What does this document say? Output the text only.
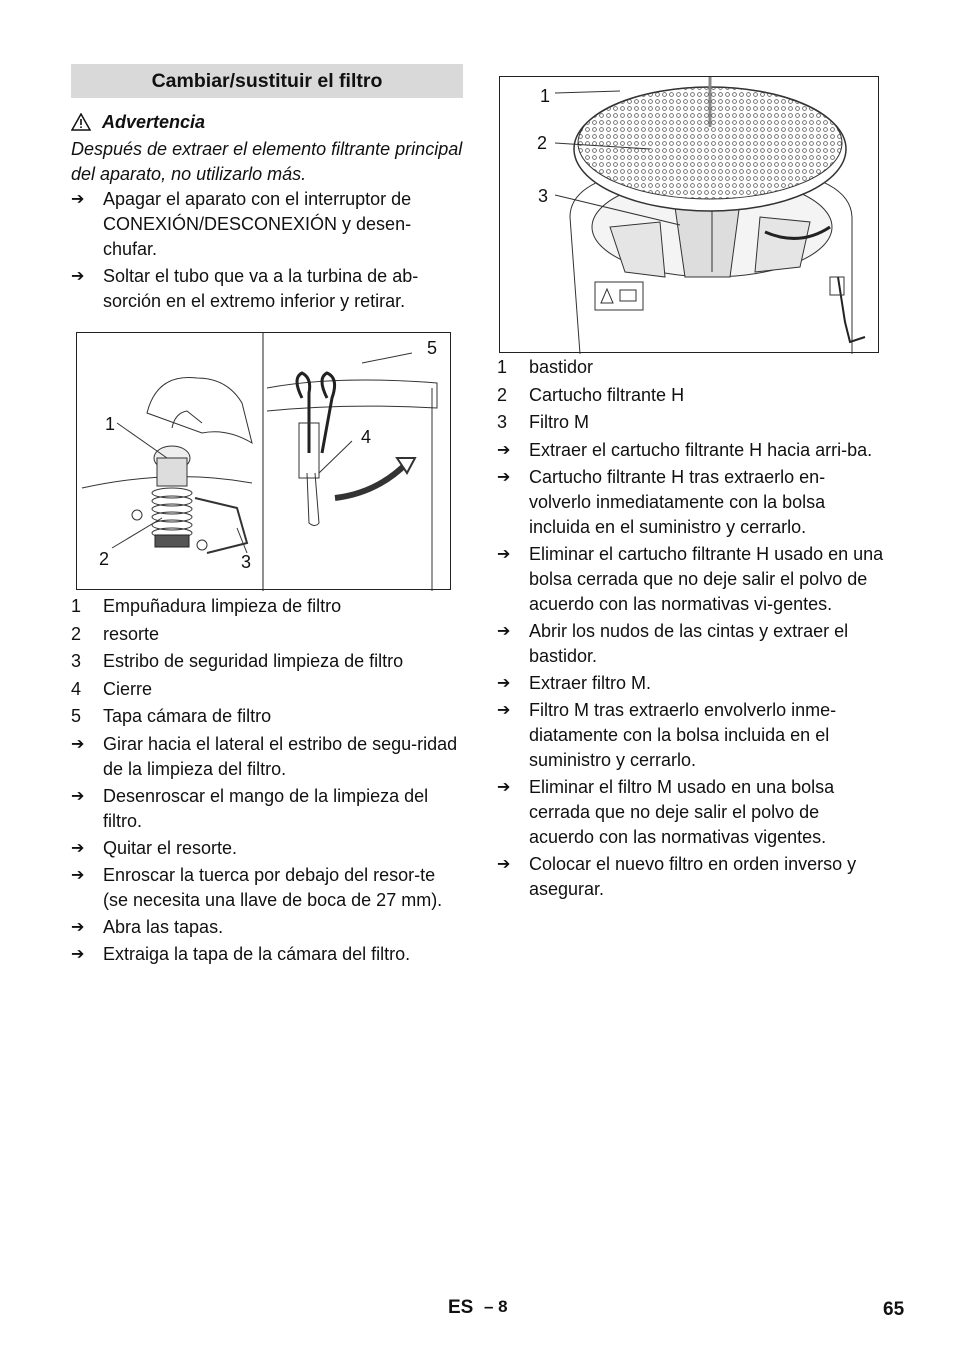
Cambiar/sustituir el filtro
Advertencia

Después de extraer el elemento filtrante principal del aparato, no utilizarlo más.

➔	Apagar el aparato con el interruptor de CONEXIÓN/DESCONEXIÓN y desen-chufar.
➔	Soltar el tubo que va a la turbina de ab-sorción en el extremo inferior y retirar.
1
2	3
4
5
1	Empuñadura limpieza de filtro
2	resorte
3	Estribo de seguridad limpieza de filtro
4	Cierre
5	Tapa cámara de filtro
➔	Girar hacia el lateral el estribo de segu-ridad de la limpieza del filtro.
➔	Desenroscar el mango de la limpieza del filtro.
➔	Quitar el resorte.
➔	Enroscar la tuerca por debajo del resor-te (se necesita una llave de boca de 27 mm).
➔	Abra las tapas.
➔	Extraiga la tapa de la cámara del filtro.
1
2
3
1	bastidor
2	Cartucho filtrante H
3	Filtro M
➔	Extraer el cartucho filtrante H hacia arri-ba.
➔	Cartucho filtrante H tras extraerlo en-volverlo inmediatamente con la bolsa incluida en el suministro y cerrarlo.
➔	Eliminar el cartucho filtrante H usado en una bolsa cerrada que no deje salir el polvo de acuerdo con las normativas vi-gentes.
➔	Abrir los nudos de las cintas y extraer el bastidor.
➔	Extraer filtro M.
➔	Filtro M tras extraerlo envolverlo inme-diatamente con la bolsa incluida en el suministro y cerrarlo.
➔	Eliminar el filtro M usado en una bolsa cerrada que no deje salir el polvo de acuerdo con las normativas vigentes.
➔	Colocar el nuevo filtro en orden inverso y asegurar.
ES – 8	65
